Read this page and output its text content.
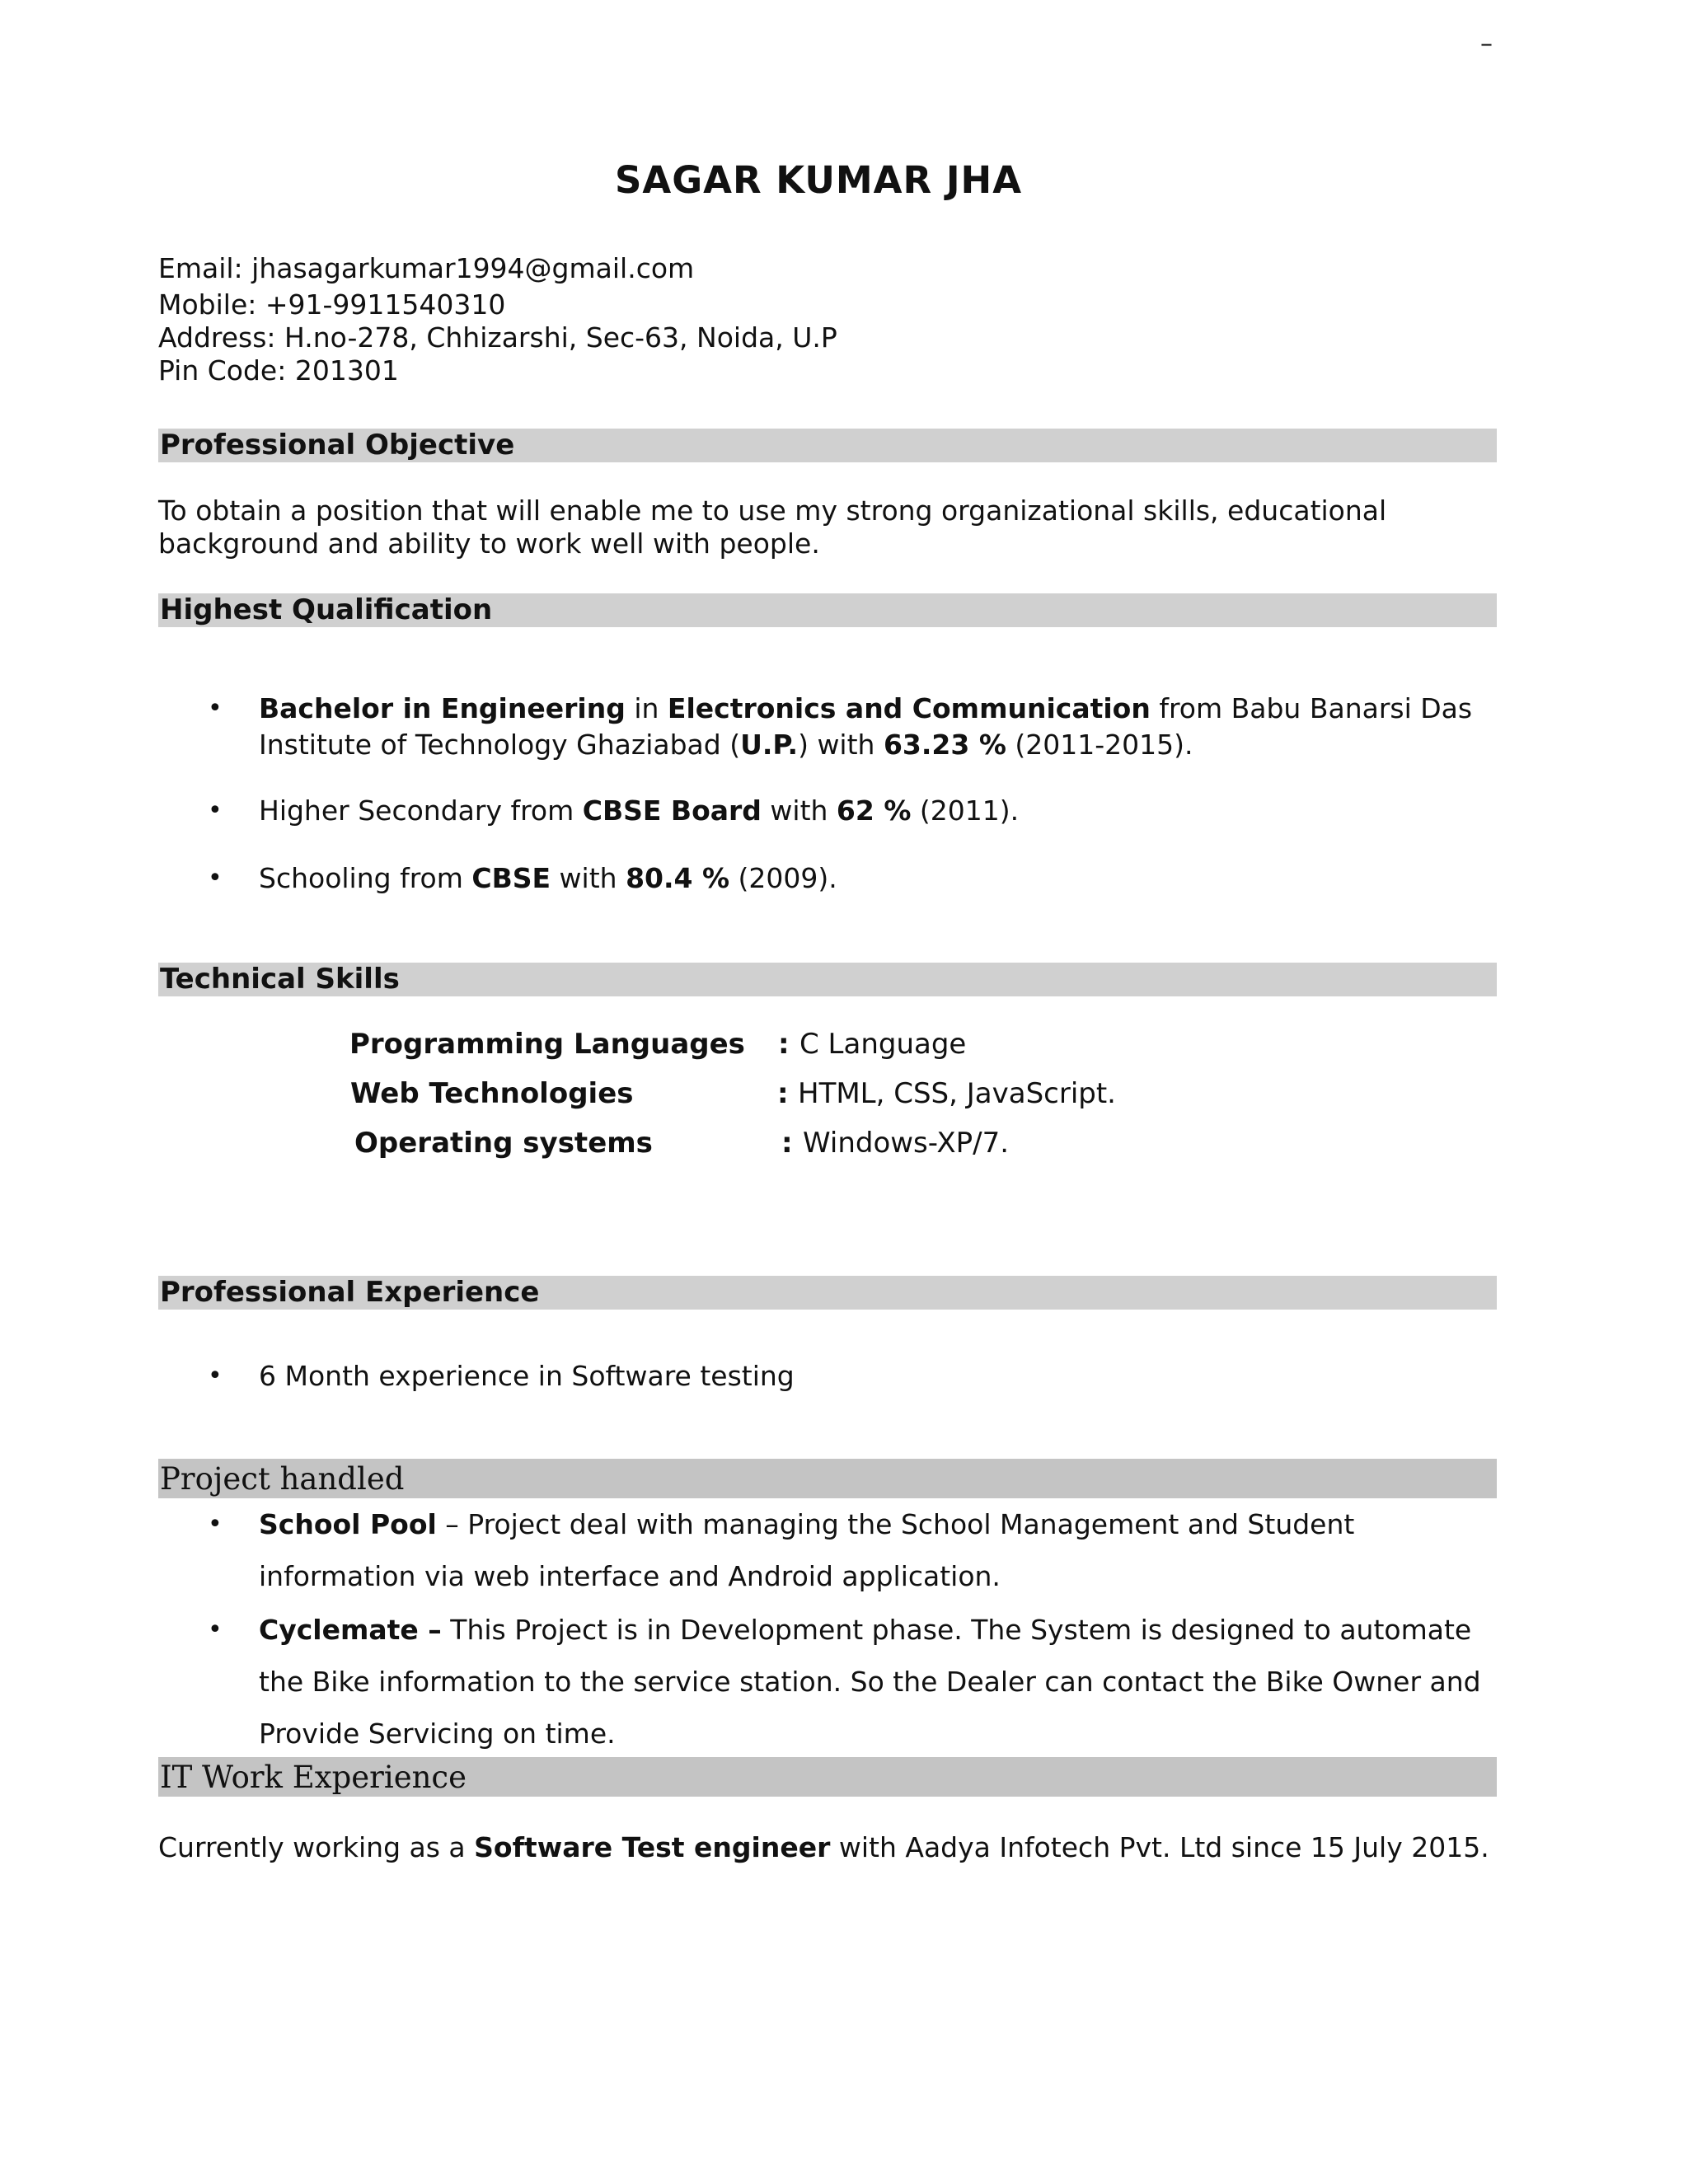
–
SAGAR KUMAR JHA
Email: jhasagarkumar1994@gmail.com
Mobile: +91-9911540310
Address: H.no-278, Chhizarshi, Sec-63, Noida, U.P
Pin Code: 201301
Professional Objective
To obtain a position that will enable me to use my strong organizational skills, educational background and ability to work well with people.
Highest Qualification
• Bachelor in Engineering in Electronics and Communication from Babu Banarsi Das Institute of Technology Ghaziabad (U.P.) with 63.23 % (2011-2015).
• Higher Secondary from CBSE Board with 62 % (2011).
• Schooling from CBSE with 80.4 % (2009).
Technical Skills
Programming Languages : C Language
Web Technologies	: HTML, CSS, JavaScript.
Operating systems	: Windows-XP/7.
Professional Experience
• 6 Month experience in Software testing
Project handled
• School Pool – Project deal with managing the School Management and Student information via web interface and Android application.
• Cyclemate – This Project is in Development phase. The System is designed to automate the Bike information to the service station. So the Dealer can contact the Bike Owner and Provide Servicing on time.
IT Work Experience
Currently working as a Software Test engineer with Aadya Infotech Pvt. Ltd since 15 July 2015.
